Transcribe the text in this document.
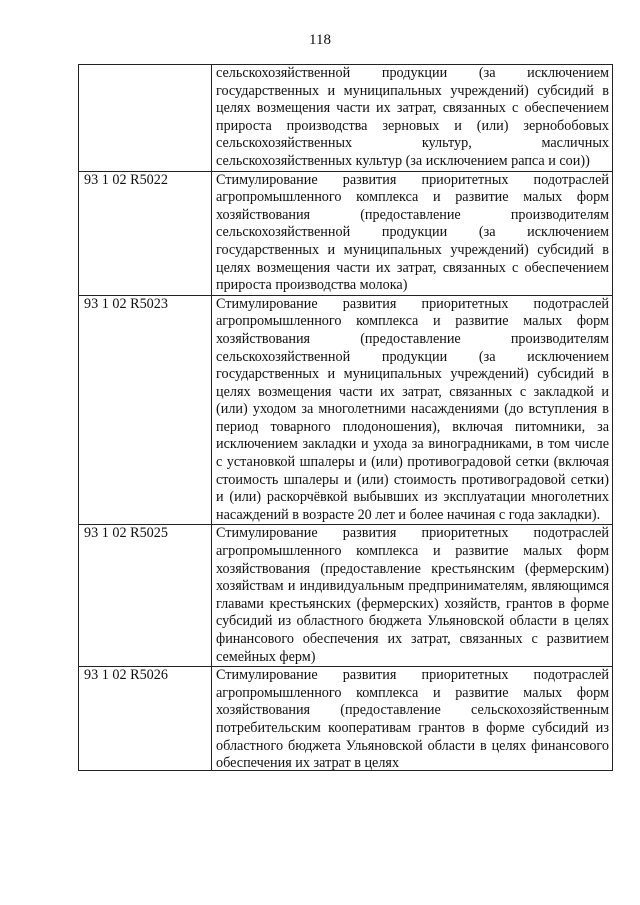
118

	сельскохозяйственной продукции (за исключением государственных и муниципальных учреждений) субсидий в целях возмещения части их затрат, связанных с обеспечением прироста производства зерновых и (или) зернобобовых сельскохозяйственных культур, масличных сельскохозяйственных культур (за исключением рапса и сои))

93 1 02 R5022	Стимулирование развития приоритетных подотраслей агропромышленного комплекса и развитие малых форм хозяйствования (предоставление производителям сельскохозяйственной продукции (за исключением государственных и муниципальных учреждений) субсидий в целях возмещения части их затрат, связанных с обеспечением прироста производства молока)

93 1 02 R5023	Стимулирование развития приоритетных подотраслей агропромышленного комплекса и развитие малых форм хозяйствования (предоставление производителям сельскохозяйственной продукции (за исключением государственных и муниципальных учреждений) субсидий в целях возмещения части их затрат, связанных с закладкой и (или) уходом за многолетними насаждениями (до вступления в период товарного плодоношения), включая питомники, за исключением закладки и ухода за виноградниками, в том числе с установкой шпалеры и (или) противоградовой сетки (включая стоимость шпалеры и (или) стоимость противоградовой сетки) и (или) раскорчёвкой выбывших из эксплуатации многолетних насаждений в возрасте 20 лет и более начиная с года закладки).

93 1 02 R5025	Стимулирование развития приоритетных подотраслей агропромышленного комплекса и развитие малых форм хозяйствования (предоставление крестьянским (фермерским) хозяйствам и индивидуальным предпринимателям, являющимся главами крестьянских (фермерских) хозяйств, грантов в форме субсидий из областного бюджета Ульяновской области в целях финансового обеспечения их затрат, связанных с развитием семейных ферм)

93 1 02 R5026	Стимулирование развития приоритетных подотраслей агропромышленного комплекса и развитие малых форм хозяйствования (предоставление сельскохозяйственным потребительским кооперативам грантов в форме субсидий из областного бюджета Ульяновской области в целях финансового обеспечения их затрат в целях
